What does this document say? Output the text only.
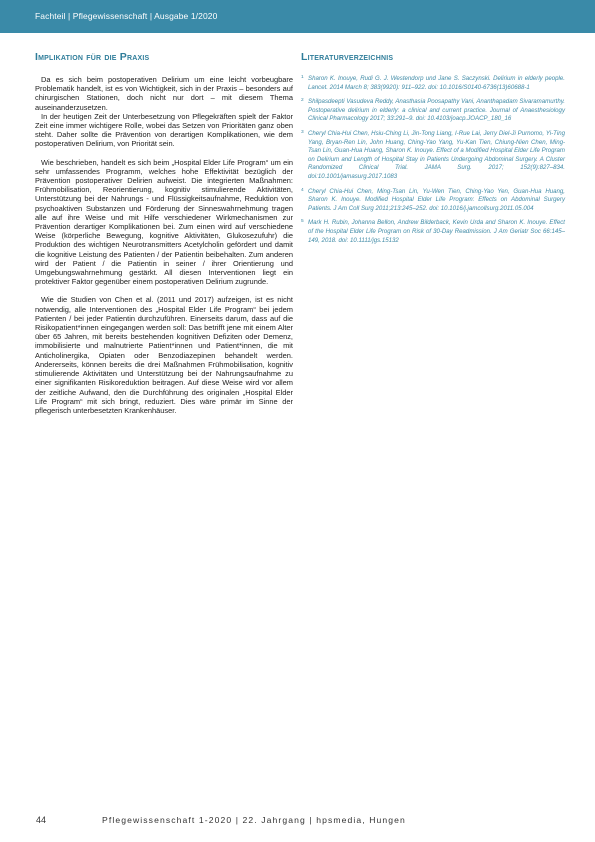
Fachteil | Pflegewissenschaft | Ausgabe 1/2020
Implikation für die Praxis

Da es sich beim postoperativen Delirium um eine leicht vorbeugbare Problematik handelt, ist es von Wichtigkeit, sich in der Praxis – besonders auf chirurgischen Stationen, doch nicht nur dort – mit diesem Thema auseinanderzusetzen.

In der heutigen Zeit der Unterbesetzung von Pflegekräften spielt der Faktor Zeit eine immer wichtigere Rolle, wobei das Setzen von Prioritäten ganz oben steht. Daher sollte die Prävention von derartigen Komplikationen, wie dem postoperativen Delirium, von Priorität sein.

Wie beschrieben, handelt es sich beim „Hospital Elder Life Program“ um ein sehr umfassendes Programm, welches hohe Effektivität bezüglich der Prävention postoperativer Delirien aufweist. Die integrierten Maßnahmen: Frühmobilisation, Reorientierung, kognitiv stimulierende Aktivitäten, Unterstützung bei der Nahrungs - und Flüssigkeitsaufnahme, Reduktion von psychoaktiven Substanzen und Förderung der Sinneswahrnehmung tragen alle auf ihre Weise und mit Hilfe verschiedener Wirkmechanismen zur Prävention derartiger Komplikationen bei. Zum einen wird auf verschiedene Weise (körperliche Bewegung, kognitive Aktivitäten, Glukosezufuhr) die Produktion des wichtigen Neurotransmitters Acetylcholin gefördert und damit die kognitive Leistung des Patienten / der Patientin beibehalten. Zum anderen wird der Patient / die Patientin in seiner / ihrer Orientierung und Umgebungswahrnehmung gestärkt. All diesen Interventionen liegt ein protektiver Faktor gegenüber einem postoperativen Delirium zugrunde.

Wie die Studien von Chen et al. (2011 und 2017) aufzeigen, ist es nicht notwendig, alle Interventionen des „Hospital Elder Life Program“ bei jedem Patienten / bei jeder Patientin durchzuführen. Einerseits darum, dass auf die Risikopatient*innen eingegangen werden soll: Das betrifft jene mit einem Alter über 65 Jahren, mit bereits bestehenden kognitiven Defiziten oder Demenz, immobilisierte und malnutrierte Patient*innen und Patient*innen, die mit Anticholinergika, Opiaten oder Benzodiazepinen behandelt werden. Andererseits, können bereits die drei Maßnahmen Frühmobilisation, kognitiv stimulierende Aktivitäten und Unterstützung bei der Nahrungsaufnahme zu einer signifikanten Risikoreduktion beitragen. Auf diese Weise wird vor allem der zeitliche Aufwand, den die Durchführung des originalen „Hospital Elder Life Program“ mit sich bringt, reduziert. Dies wäre primär im Sinne der pflegerisch unterbesetzten Krankenhäuser.

Literaturverzeichnis
1 Sharon K. Inouye, Rudi G. J. Westendorp und Jane S. Saczynski. Delirium in elderly people. Lancet. 2014 March 8; 383(9920): 911–922. doi: 10.1016/S0140-6736(13)60688-1
2 Shilpasdeepti Vasudeva Reddy, Anasthasia Poosapathy Vani, Ananthapadam Sivaramamurthy. Postoperative delirium in elderly: a clinical and current practice. Journal of Anaesthesiology Clinical Pharmacology 2017; 33:291–9. doi: 10.4103/joacp.JOACP_180_16
3 Cheryl Chia-Hui Chen, Hsiu-Ching Li, Jin-Tong Liang, I-Rue Lai, Jerry Diel-Ji Purnomo, Yi-Ting Yang, Bryan-Ren Lin, John Huang, Ching-Yao Yang, Yu-Kan Tien, Chiung-Nien Chen, Ming-Tsan Lin, Guan-Hua Huang, Sharon K. Inouye. Effect of a Modified Hospital Elder Life Program on Delirium and Length of Hospital Stay in Patients Undergoing Abdominal Surgery. A Cluster Randomized Clinical Trial. JAMA Surg. 2017; 152(9):827–834. doi:10.1001/jamasurg.2017.1083
4 Cheryl Chia-Hui Chen, Ming-Tsan Lin, Yu-Wen Tien, Ching-Yao Yen, Guan-Hua Huang, Sharon K. Inouye. Modified Hospital Elder Life Program: Effects on Abdominal Surgery Patients. J Am Coll Surg 2011;213:245–252. doi: 10.1016/j.jamcollsurg.2011.05.004
5 Mark H. Rubin, Johanna Bellon, Andrew Bilderback, Kevin Urda and Sharon K. Inouye. Effect of the Hospital Elder Life Program on Risk of 30-Day Readmission. J Am Geriatr Soc 66:145–149, 2018. doi: 10.1111/jgs.15132
44	Pflegewissenschaft 1-2020 | 22. Jahrgang | hpsmedia, Hungen
